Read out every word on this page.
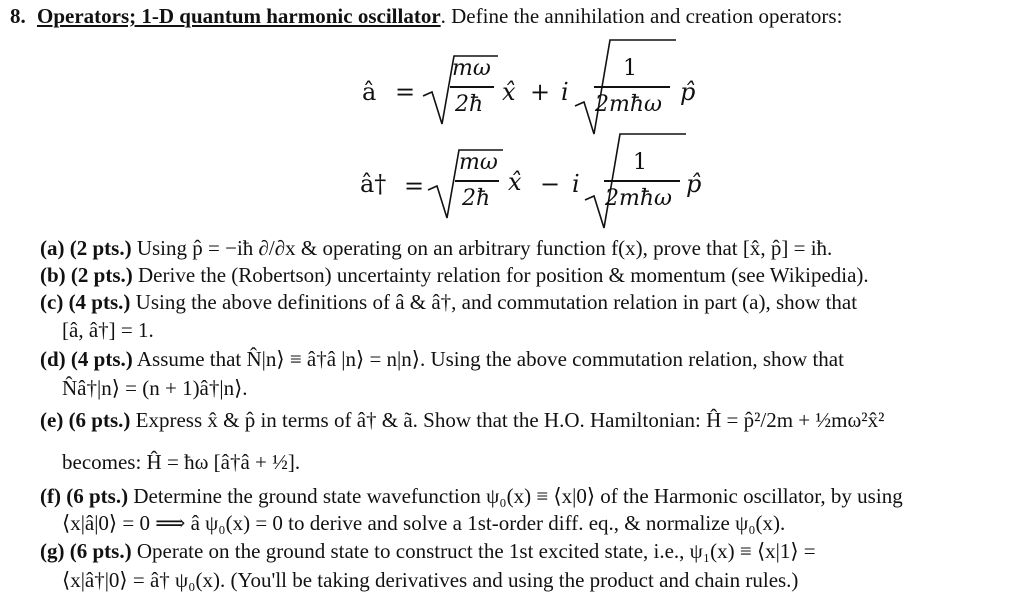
8. Operators; 1-D quantum harmonic oscillator. Define the annihilation and creation operators:
â =
mω
2ħ x̂ + i
1
2mħω p̂
â† =
mω
2ħ
x̂ − i
1
2mħω
p̂
(a) (2 pts.) Using p̂ = −iħ ∂/∂x & operating on an arbitrary function f(x), prove that [x̂, p̂] = iħ.
(b) (2 pts.) Derive the (Robertson) uncertainty relation for position & momentum (see Wikipedia).
(c) (4 pts.) Using the above definitions of â & â†, and commutation relation in part (a), show that
[â, â†] = 1.
(d) (4 pts.) Assume that N̂|n⟩ ≡ â†â |n⟩ = n|n⟩. Using the above commutation relation, show that
N̂â†|n⟩ = (n + 1)â†|n⟩.
(e) (6 pts.) Express x̂ & p̂ in terms of â† & ã. Show that the H.O. Hamiltonian: Ĥ = p̂²/2m + ½mω²x̂²
becomes: Ĥ = ħω [â†â + ½].
(f) (6 pts.) Determine the ground state wavefunction ψ₀(x) ≡ ⟨x|0⟩ of the Harmonic oscillator, by using
⟨x|â|0⟩ = 0 ⟹ â ψ₀(x) = 0 to derive and solve a 1st-order diff. eq., & normalize ψ₀(x).
(g) (6 pts.) Operate on the ground state to construct the 1st excited state, i.e., ψ₁(x) ≡ ⟨x|1⟩ =
⟨x|â†|0⟩ = â† ψ₀(x). (You'll be taking derivatives and using the product and chain rules.)
